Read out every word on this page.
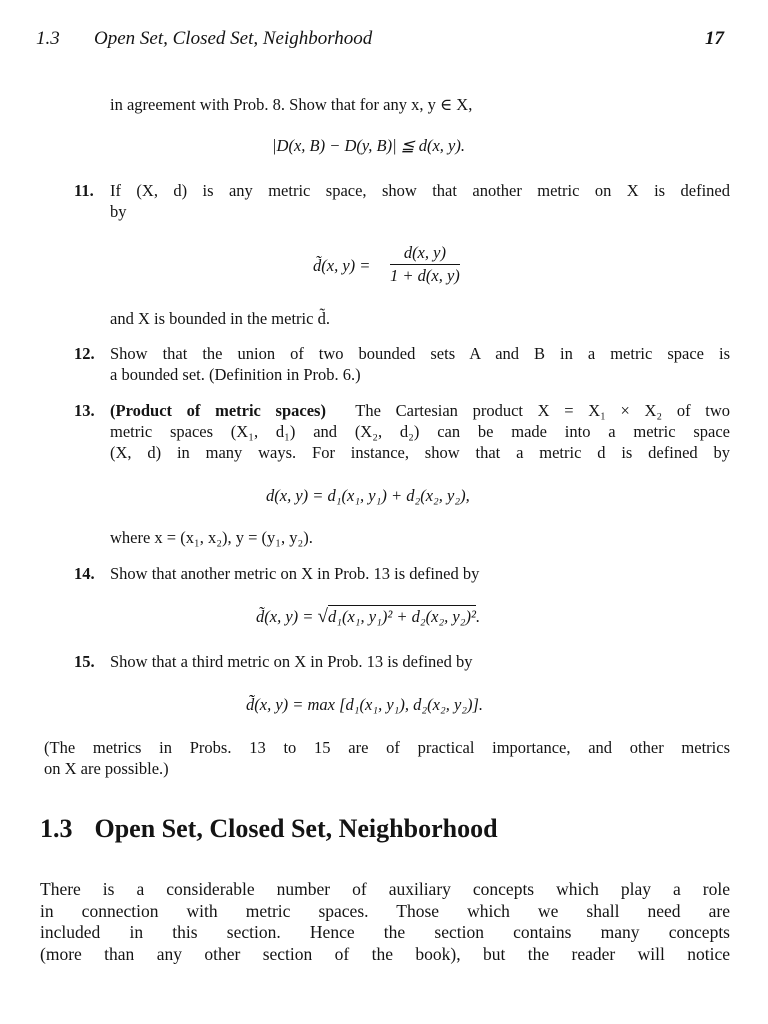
1.3 Open Set, Closed Set, Neighborhood	17
in agreement with Prob. 8. Show that for any x, y ∈ X,
|D(x, B) − D(y, B)| ≦ d(x, y).
11. If (X, d) is any metric space, show that another metric on X is defined
by
d̃(x, $y) = \frac{d(x, y)}{1 + d(x, y)}$
and X is bounded in the metric d̃.
12. Show that the union of two bounded sets A and B in a metric space is
a bounded set. (Definition in Prob. 6.)
13. (Product of metric spaces) The Cartesian product X = X₁ × X₂ of two
metric spaces (X₁, d₁) and (X₂, d₂) can be made into a metric space
(X, d) in many ways. For instance, show that a metric d is defined by
d(x, y) = d₁(x₁, y₁) + d₂(x₂, y₂),
where x = (x₁, x₂), y = (y₁, y₂).
14. Show that another metric on X in Prob. 13 is defined by
d̃(x, y) = √d₁(x₁, y₁)² + d₂(x₂, y₂)².
15. Show that a third metric on X in Prob. 13 is defined by
d̃̃(x, y) = max [d₁(x₁, y₁), d₂(x₂, y₂)].
(The metrics in Probs. 13 to 15 are of practical importance, and other metrics
on X are possible.)
1.3 Open Set, Closed Set, Neighborhood
There is a considerable number of auxiliary concepts which play a role
in connection with metric spaces. Those which we shall need are
included in this section. Hence the section contains many concepts
(more than any other section of the book), but the reader will notice
